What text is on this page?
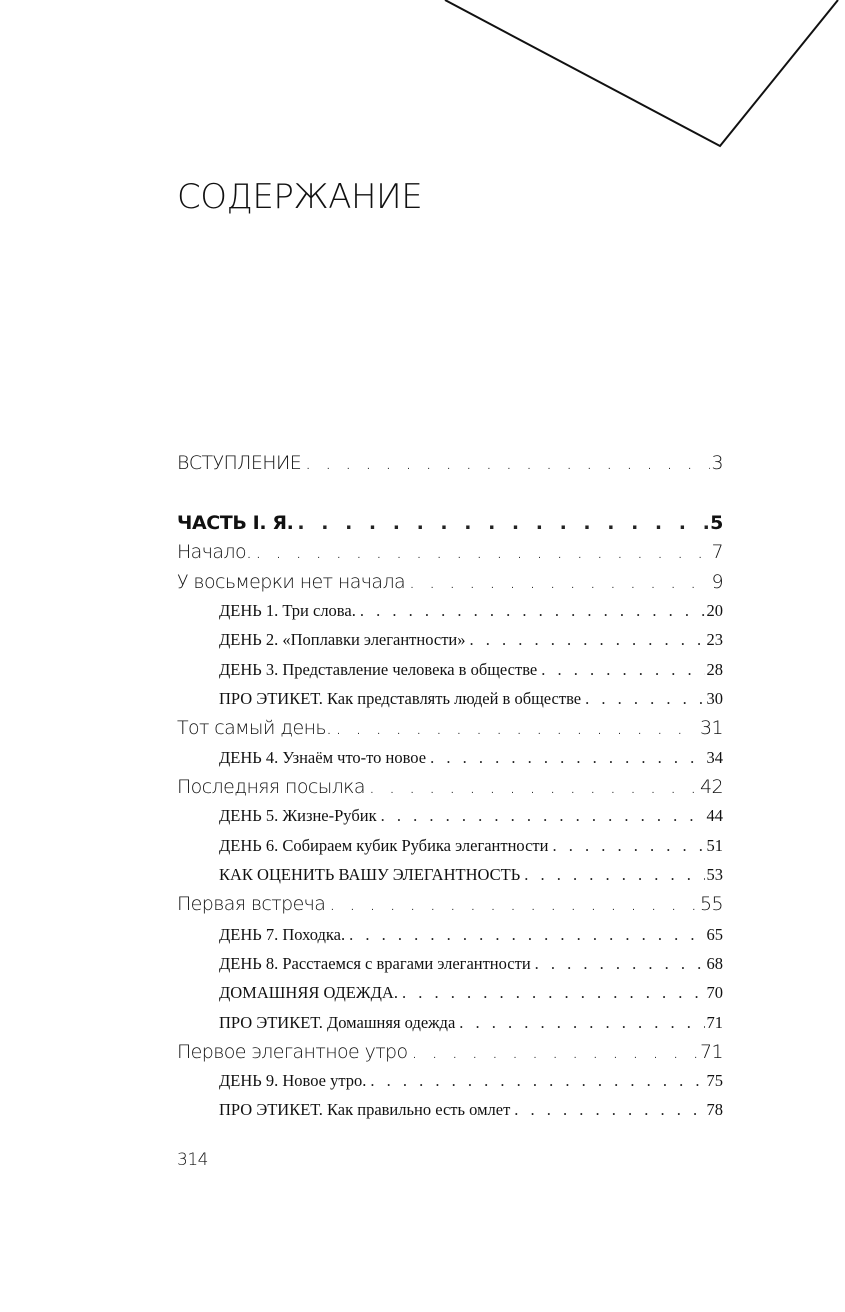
СОДЕРЖАНИЕ
ВСТУПЛЕНИЕ . . .	3
ЧАСТЬ I. Я. . . .	5
Начало. . . .	7
У восьмерки нет начала . . .	9
ДЕНЬ 1. Три слова. . . .	20
ДЕНЬ 2. «Поплавки элегантности» . . .	23
ДЕНЬ 3. Представление человека в обществе . . .	28
ПРО ЭТИКЕТ. Как представлять людей в обществе . . .	30
Тот самый день. . . .	31
ДЕНЬ 4. Узнаём что-то новое . . .	34
Последняя посылка . . .	42
ДЕНЬ 5. Жизне-Рубик . . .	44
ДЕНЬ 6. Собираем кубик Рубика элегантности . . .	51
КАК ОЦЕНИТЬ ВАШУ ЭЛЕГАНТНОСТЬ . . .	53
Первая встреча . . .	55
ДЕНЬ 7. Походка. . . .	65
ДЕНЬ 8. Расстаемся с врагами элегантности . . .	68
ДОМАШНЯЯ ОДЕЖДА. . . .	70
ПРО ЭТИКЕТ. Домашняя одежда . . .	71
Первое элегантное утро . . .	71
ДЕНЬ 9. Новое утро. . . .	75
ПРО ЭТИКЕТ. Как правильно есть омлет . . .	78
314
